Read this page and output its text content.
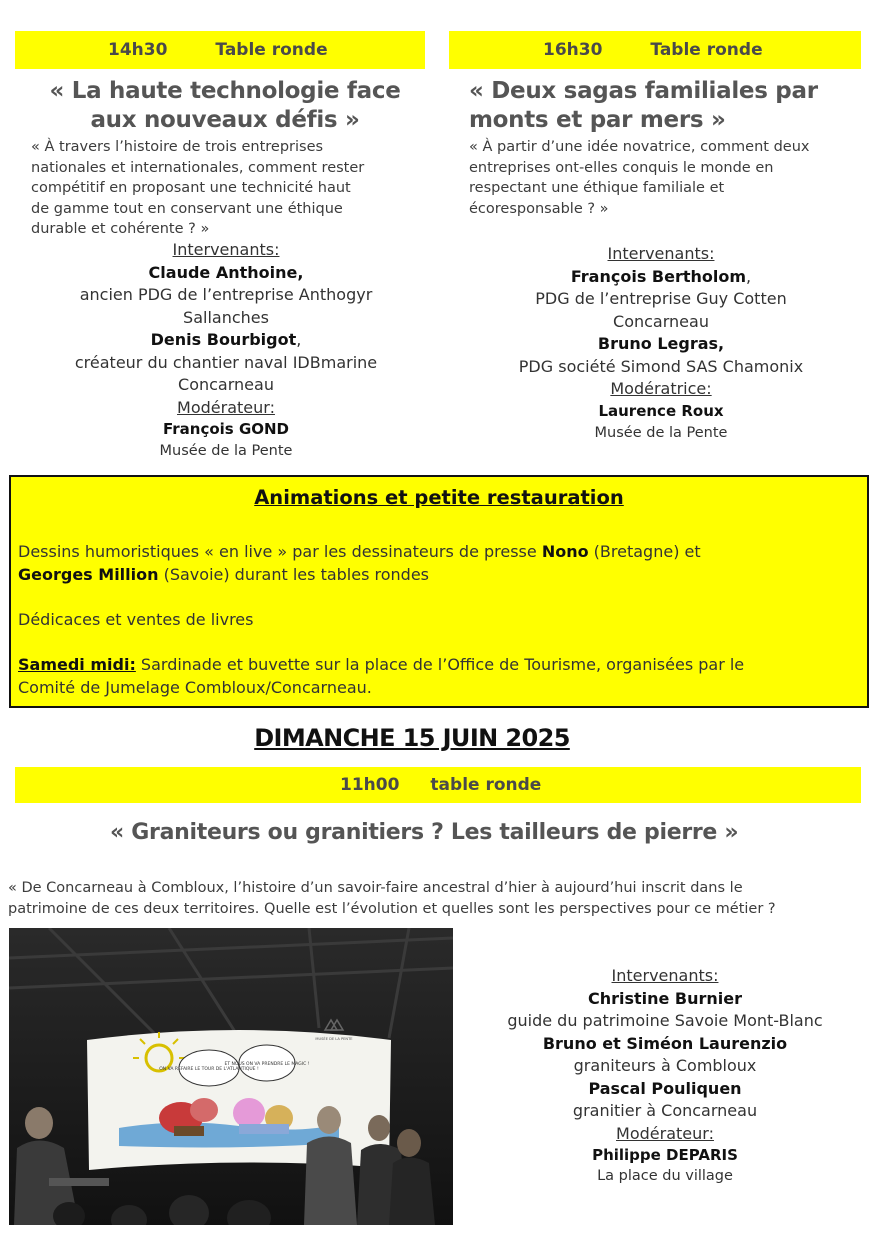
14h30	Table ronde
« La haute technologie face
aux nouveaux défis »
« À travers l’histoire de trois entreprises
nationales et internationales, comment rester
compétitif en proposant une technicité haut
de gamme tout en conservant une éthique
durable et cohérente ? »
Intervenants:
Claude Anthoine,
ancien PDG de l’entreprise Anthogyr
Sallanches
Denis Bourbigot,
créateur du chantier naval IDBmarine
Concarneau
Modérateur:
François GOND
Musée de la Pente
16h30	Table ronde
« Deux sagas familiales par
monts et par mers »
« À partir d’une idée novatrice, comment deux
entreprises ont-elles conquis le monde en
respectant une éthique familiale et
écoresponsable ? »
Intervenants:
François Bertholom,
PDG de l’entreprise Guy Cotten
Concarneau
Bruno Legras,
PDG société Simond SAS Chamonix
Modératrice:
Laurence Roux
Musée de la Pente
Animations et petite restauration

Dessins humoristiques « en live » par les dessinateurs de presse Nono (Bretagne) et
Georges Million (Savoie) durant les tables rondes

Dédicaces et ventes de livres

Samedi midi: Sardinade et buvette sur la place de l’Office de Tourisme, organisées par le
Comité de Jumelage Combloux/Concarneau.

DIMANCHE 15 JUIN 2025
11h00 table ronde
« Graniteurs ou granitiers ? Les tailleurs de pierre »
« De Concarneau à Combloux, l’histoire d’un savoir-faire ancestral d’hier à aujourd’hui inscrit dans le
patrimoine de ces deux territoires. Quelle est l’évolution et quelles sont les perspectives pour ce métier ?
ON VA REFAIRE LE TOUR DE L'ATLANTIQUE !
ET NOUS ON VA PRENDRE LE MAGIC !
MUSÉE DE LA PENTE
Intervenants:
Christine Burnier
guide du patrimoine Savoie Mont-Blanc
Bruno et Siméon Laurenzio
graniteurs à Combloux
Pascal Pouliquen
granitier à Concarneau
Modérateur:
Philippe DEPARIS
La place du village
